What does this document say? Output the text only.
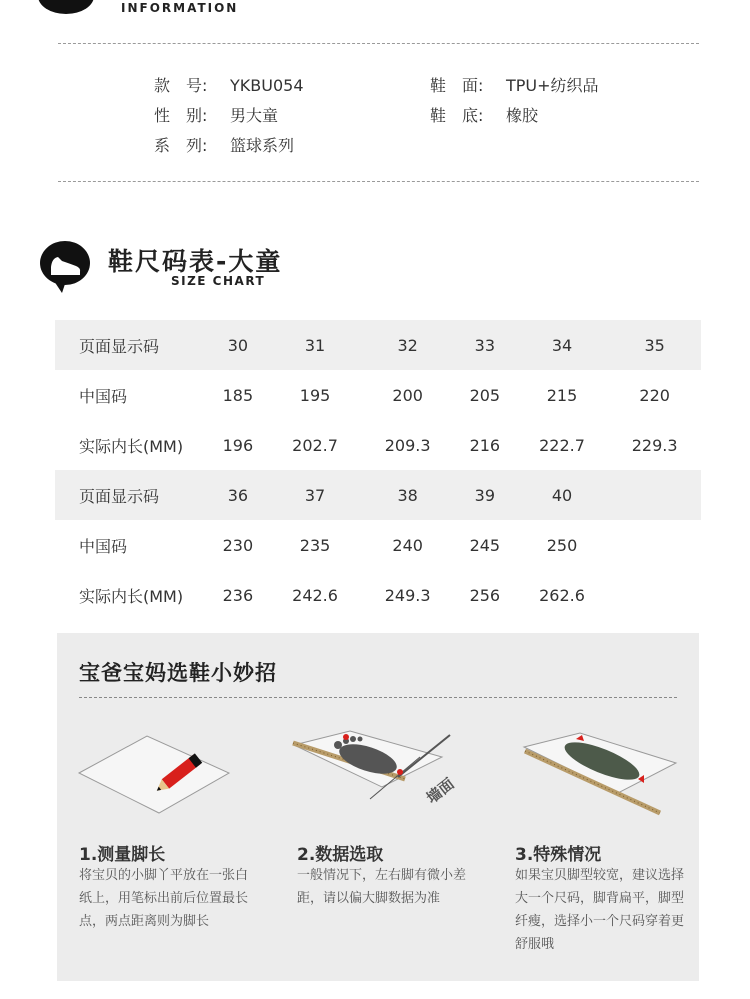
INFORMATION
款　号: YKBU054	鞋　面: TPU+纺织品
性　别: 男大童	鞋　底: 橡胶
系　列: 篮球系列
鞋尺码表-大童
SIZE CHART
页面显示码	30	31	32	33	34	35
中国码	185	195	200	205	215	220
实际内长(MM)	196	202.7	209.3	216	222.7	229.3
页面显示码	36	37	38	39	40	
中国码	230	235	240	245	250	
实际内长(MM)	236	242.6	249.3	256	262.6	
宝爸宝妈选鞋小妙招
墙面
1.测量脚长
将宝贝的小脚丫平放在一张白纸上，用笔标出前后位置最长点，两点距离则为脚长
2.数据选取
一般情况下，左右脚有微小差距，请以偏大脚数据为准
3.特殊情况
如果宝贝脚型较宽，建议选择大一个尺码，脚背扁平，脚型纤瘦，选择小一个尺码穿着更舒服哦
